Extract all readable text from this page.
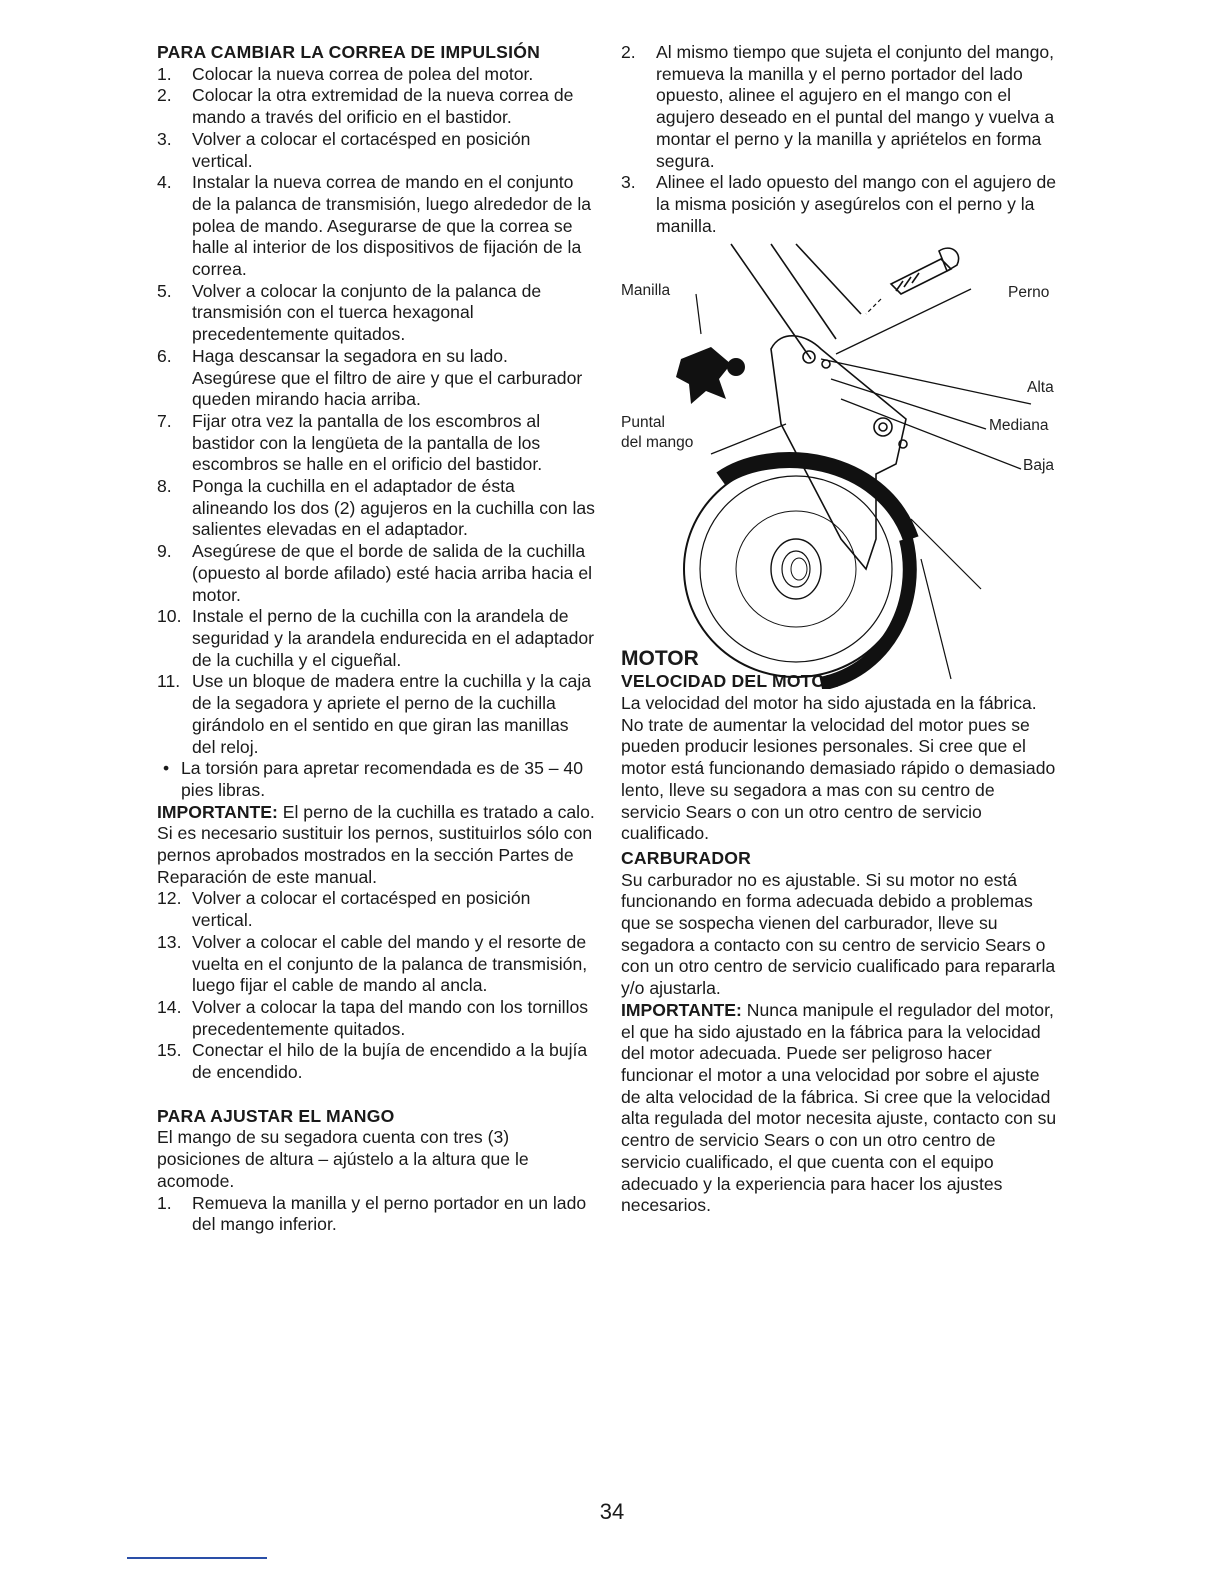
PARA CAMBIAR LA CORREA DE IMPULSIÓN
1.	Colocar la nueva correa de polea del motor.
2.	Colocar la otra extremidad de la nueva correa de mando a través del orificio en el bastidor.
3.	Volver a colocar el cortacésped en posición vertical.
4.	Instalar la nueva correa de mando en el conjunto de la palanca de transmisión, luego alrededor de la polea de mando. Asegurarse de que la correa se halle al interior de los dispositivos de fijación de la correa.
5.	Volver a colocar la conjunto de la palanca de transmisión con el tuerca hexagonal precedentemente quitados.
6.	Haga descansar la segadora en su lado. Asegúrese que el filtro de aire y que el carburador queden mirando hacia arriba.
7.	Fijar otra vez la pantalla de los escombros al bastidor con la lengüeta de la pantalla de los escombros se halle en el orificio del bastidor.
8.	Ponga la cuchilla en el adaptador de ésta alineando los dos (2) agujeros en la cuchilla con las salientes elevadas en el adaptador.
9.	Asegúrese de que el borde de salida de la cuchilla (opuesto al borde afilado) esté hacia arriba hacia el motor.
10. Instale el perno de la cuchilla con la arandela de seguridad y la arandela endurecida en el adaptador de la cuchilla y el cigueñal.
11. Use un bloque de madera entre la cuchilla y la caja de la segadora y apriete el perno de la cuchilla girándolo en el sentido en que giran las manillas del reloj.
• La torsión para apretar recomendada es de 35 – 40 pies libras.

IMPORTANTE: El perno de la cuchilla es tratado a calo. Si es necesario sustituir los pernos, sustituirlos sólo con pernos aprobados mostrados en la sección Partes de Reparación de este manual.

12. Volver a colocar el cortacésped en posición vertical.
13. Volver a colocar el cable del mando y el resorte de vuelta en el conjunto de la palanca de transmisión, luego fijar el cable de mando al ancla.
14. Volver a colocar la tapa del mando con los tornillos precedentemente quitados.
15. Conectar el hilo de la bujía de encendido a la bujía de encendido.
PARA AJUSTAR EL MANGO

El mango de su segadora cuenta con tres (3) posiciones de altura – ajústelo a la altura que le acomode.

1.	Remueva la manilla y el perno portador en un lado del mango inferior.
2.	Al mismo tiempo que sujeta el conjunto del mango, remueva la manilla y el perno portador del lado opuesto, alinee el agujero en el mango con el agujero deseado en el puntal del mango y vuelva a montar el perno y la manilla y apriételos en forma segura.
3.	Alinee el lado opuesto del mango con el agujero de la misma posición y asegúrelos con el perno y la manilla.
Manilla	Perno
Alta
Mediana
Baja
Puntal
del mango
MOTOR
VELOCIDAD DEL MOTOR

La velocidad del motor ha sido ajustada en la fábrica. No trate de aumentar la velocidad del motor pues se pueden producir lesiones personales. Si cree que el motor está funcionando demasiado rápido o demasiado lento, lleve su segadora a mas con su centro de servicio Sears o con un otro centro de servicio cualificado.

CARBURADOR

Su carburador no es ajustable. Si su motor no está funcionando en forma adecuada debido a problemas que se sospecha vienen del carburador, lleve su segadora a contacto con su centro de servicio Sears o con un otro centro de servicio cualificado para repararla y/o ajustarla.

IMPORTANTE: Nunca manipule el regulador del motor, el que ha sido ajustado en la fábrica para la velocidad del motor adecuada. Puede ser peligroso hacer funcionar el motor a una velocidad por sobre el ajuste de alta velocidad de la fábrica. Si cree que la velocidad alta regulada del motor necesita ajuste, contacto con su centro de servicio Sears o con un otro centro de servicio cualificado, el que cuenta con el equipo adecuado y la experiencia para hacer los ajustes necesarios.

34
